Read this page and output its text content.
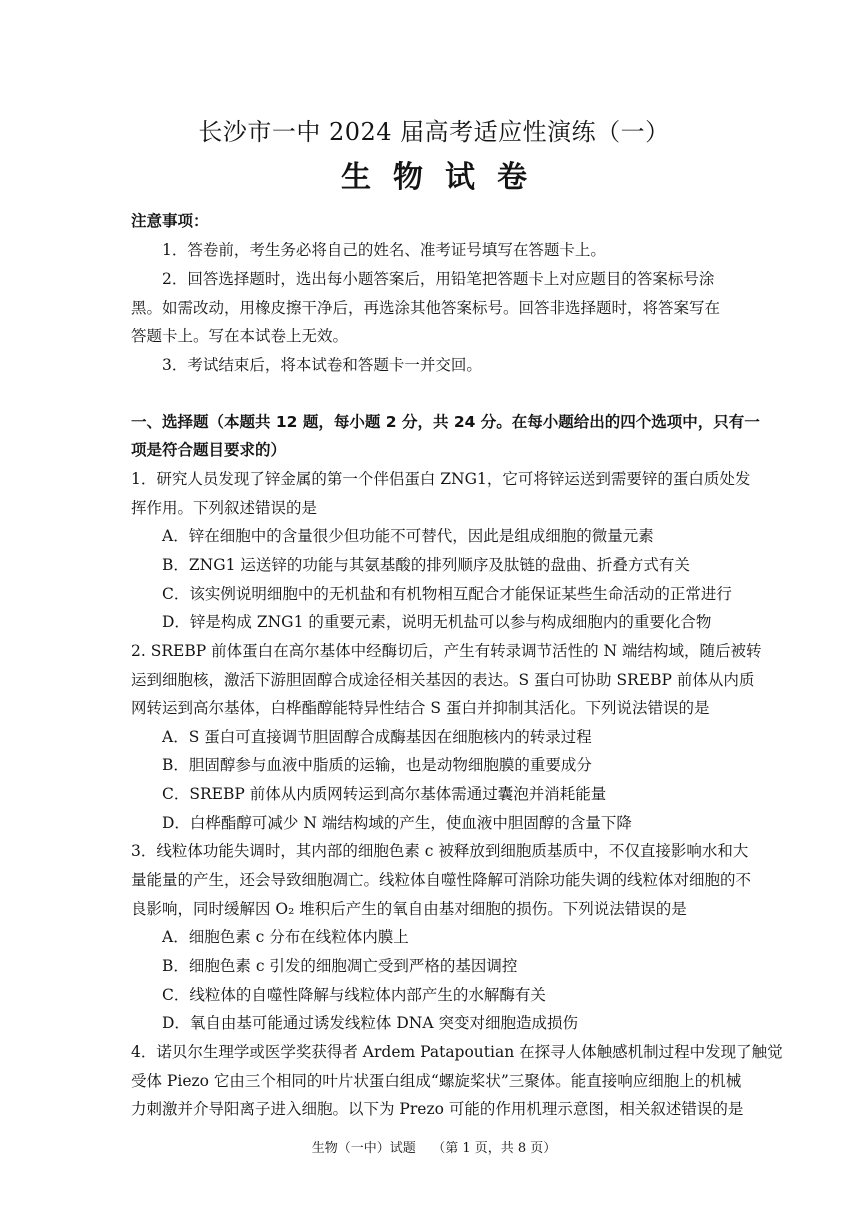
长沙市一中 2024 届高考适应性演练（一）
生物试卷
注意事项：
1．答卷前，考生务必将自己的姓名、准考证号填写在答题卡上。
2．回答选择题时，选出每小题答案后，用铅笔把答题卡上对应题目的答案标号涂
黑。如需改动，用橡皮擦干净后，再选涂其他答案标号。回答非选择题时，将答案写在
答题卡上。写在本试卷上无效。
3．考试结束后，将本试卷和答题卡一并交回。
一、选择题（本题共 12 题，每小题 2 分，共 24 分。在每小题给出的四个选项中，只有一
项是符合题目要求的）
1．研究人员发现了锌金属的第一个伴侣蛋白 ZNG1，它可将锌运送到需要锌的蛋白质处发
挥作用。下列叙述错误的是
A．锌在细胞中的含量很少但功能不可替代，因此是组成细胞的微量元素
B．ZNG1 运送锌的功能与其氨基酸的排列顺序及肽链的盘曲、折叠方式有关
C．该实例说明细胞中的无机盐和有机物相互配合才能保证某些生命活动的正常进行
D．锌是构成 ZNG1 的重要元素，说明无机盐可以参与构成细胞内的重要化合物
2. SREBP 前体蛋白在高尔基体中经酶切后，产生有转录调节活性的 N 端结构域，随后被转
运到细胞核，激活下游胆固醇合成途径相关基因的表达。S 蛋白可协助 SREBP 前体从内质
网转运到高尔基体，白桦酯醇能特异性结合 S 蛋白并抑制其活化。下列说法错误的是
A．S 蛋白可直接调节胆固醇合成酶基因在细胞核内的转录过程
B．胆固醇参与血液中脂质的运输，也是动物细胞膜的重要成分
C．SREBP 前体从内质网转运到高尔基体需通过囊泡并消耗能量
D．白桦酯醇可减少 N 端结构域的产生，使血液中胆固醇的含量下降
3．线粒体功能失调时，其内部的细胞色素 c 被释放到细胞质基质中，不仅直接影响水和大
量能量的产生，还会导致细胞凋亡。线粒体自噬性降解可消除功能失调的线粒体对细胞的不
良影响，同时缓解因 O₂ 堆积后产生的氧自由基对细胞的损伤。下列说法错误的是
A．细胞色素 c 分布在线粒体内膜上
B．细胞色素 c 引发的细胞凋亡受到严格的基因调控
C．线粒体的自噬性降解与线粒体内部产生的水解酶有关
D．氧自由基可能通过诱发线粒体 DNA 突变对细胞造成损伤
4．诺贝尔生理学或医学奖获得者 Ardem Patapoutian 在探寻人体触感机制过程中发现了触觉
受体 Piezo 它由三个相同的叶片状蛋白组成“螺旋桨状”三聚体。能直接响应细胞上的机械
力刺激并介导阳离子进入细胞。以下为 Prezo 可能的作用机理示意图，相关叙述错误的是
生物（一中）试题    （第 1 页，共 8 页）
